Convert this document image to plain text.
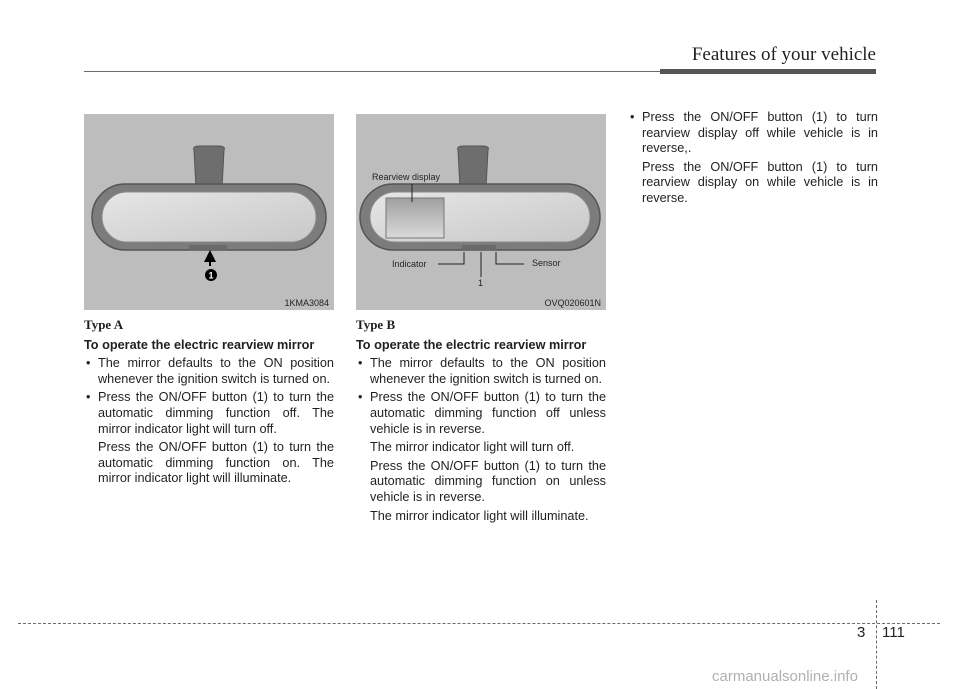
Features of your vehicle
1
1KMA3084
Rearview display
Indicator	Sensor
1
OVQ020601N
Type A
To operate the electric rearview mirror
• The mirror defaults to the ON position whenever the ignition switch is turned on.
• Press the ON/OFF button (1) to turn the automatic dimming function off. The mirror indicator light will turn off.
Press the ON/OFF button (1) to turn the automatic dimming function on. The mirror indicator light will illuminate.
Type B
To operate the electric rearview mirror
• The mirror defaults to the ON position whenever the ignition switch is turned on.
• Press the ON/OFF button (1) to turn the automatic dimming function off unless vehicle is in reverse.
The mirror indicator light will turn off.
Press the ON/OFF button (1) to turn the automatic dimming function on unless vehicle is in reverse.
The mirror indicator light will illuminate.
• Press the ON/OFF button (1) to turn rearview display off while vehicle is in reverse,.
Press the ON/OFF button (1) to turn rearview display on while vehicle is in reverse.
3 111
carmanualsonline.info
